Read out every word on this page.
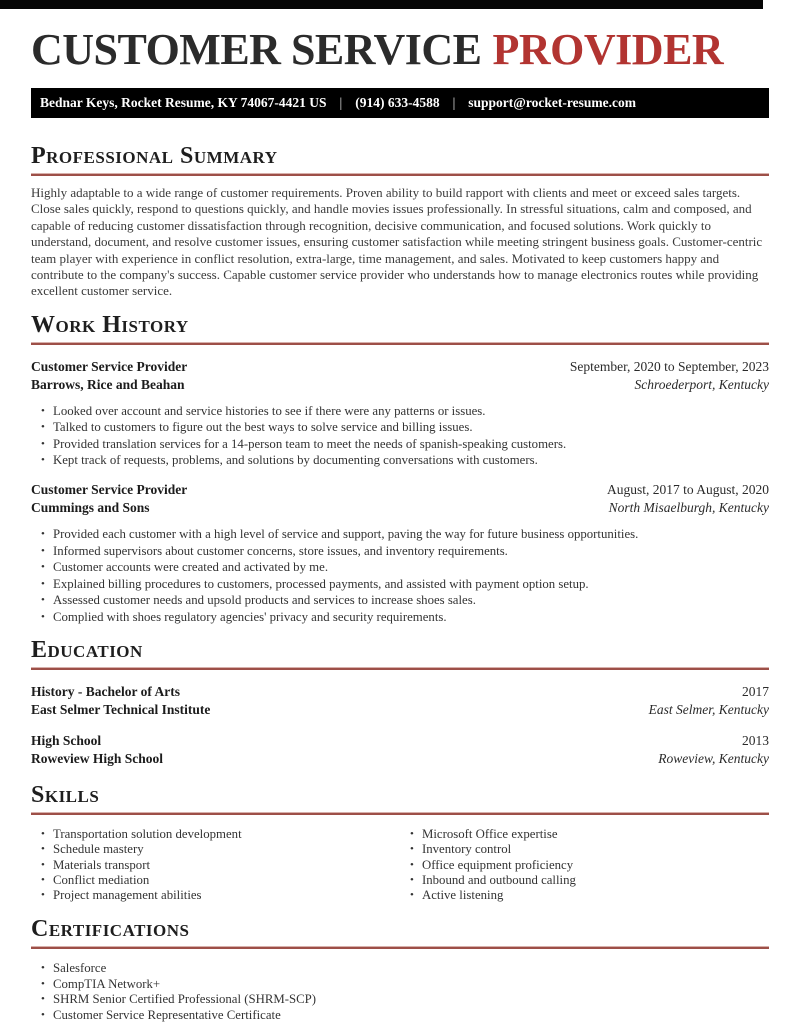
CUSTOMER SERVICE PROVIDER
Bednar Keys, Rocket Resume, KY 74067-4421 US | (914) 633-4588 | support@rocket-resume.com
Professional Summary

Highly adaptable to a wide range of customer requirements. Proven ability to build rapport with clients and meet or exceed sales targets. Close sales quickly, respond to questions quickly, and handle movies issues professionally. In stressful situations, calm and composed, and capable of reducing customer dissatisfaction through recognition, decisive communication, and focused solutions. Work quickly to understand, document, and resolve customer issues, ensuring customer satisfaction while meeting stringent business goals. Customer-centric team player with experience in conflict resolution, extra-large, time management, and sales. Motivated to keep customers happy and contribute to the company's success. Capable customer service provider who understands how to manage electronics routes while providing excellent customer service.

Work History
Customer Service Provider	September, 2020 to September, 2023
Barrows, Rice and Beahan	Schroederport, Kentucky
• Looked over account and service histories to see if there were any patterns or issues.
• Talked to customers to figure out the best ways to solve service and billing issues.
• Provided translation services for a 14-person team to meet the needs of spanish-speaking customers.
• Kept track of requests, problems, and solutions by documenting conversations with customers.
Customer Service Provider	August, 2017 to August, 2020
Cummings and Sons	North Misaelburgh, Kentucky
• Provided each customer with a high level of service and support, paving the way for future business opportunities.
• Informed supervisors about customer concerns, store issues, and inventory requirements.
• Customer accounts were created and activated by me.
• Explained billing procedures to customers, processed payments, and assisted with payment option setup.
• Assessed customer needs and upsold products and services to increase shoes sales.
• Complied with shoes regulatory agencies' privacy and security requirements.
Education
History - Bachelor of Arts	2017
East Selmer Technical Institute	East Selmer, Kentucky
High School	2013
Roweview High School	Roweview, Kentucky
Skills
• Transportation solution development
• Schedule mastery
• Materials transport
• Conflict mediation
• Project management abilities
• Microsoft Office expertise
• Inventory control
• Office equipment proficiency
• Inbound and outbound calling
• Active listening
Certifications
• Salesforce
• CompTIA Network+
• SHRM Senior Certified Professional (SHRM-SCP)
• Customer Service Representative Certificate
